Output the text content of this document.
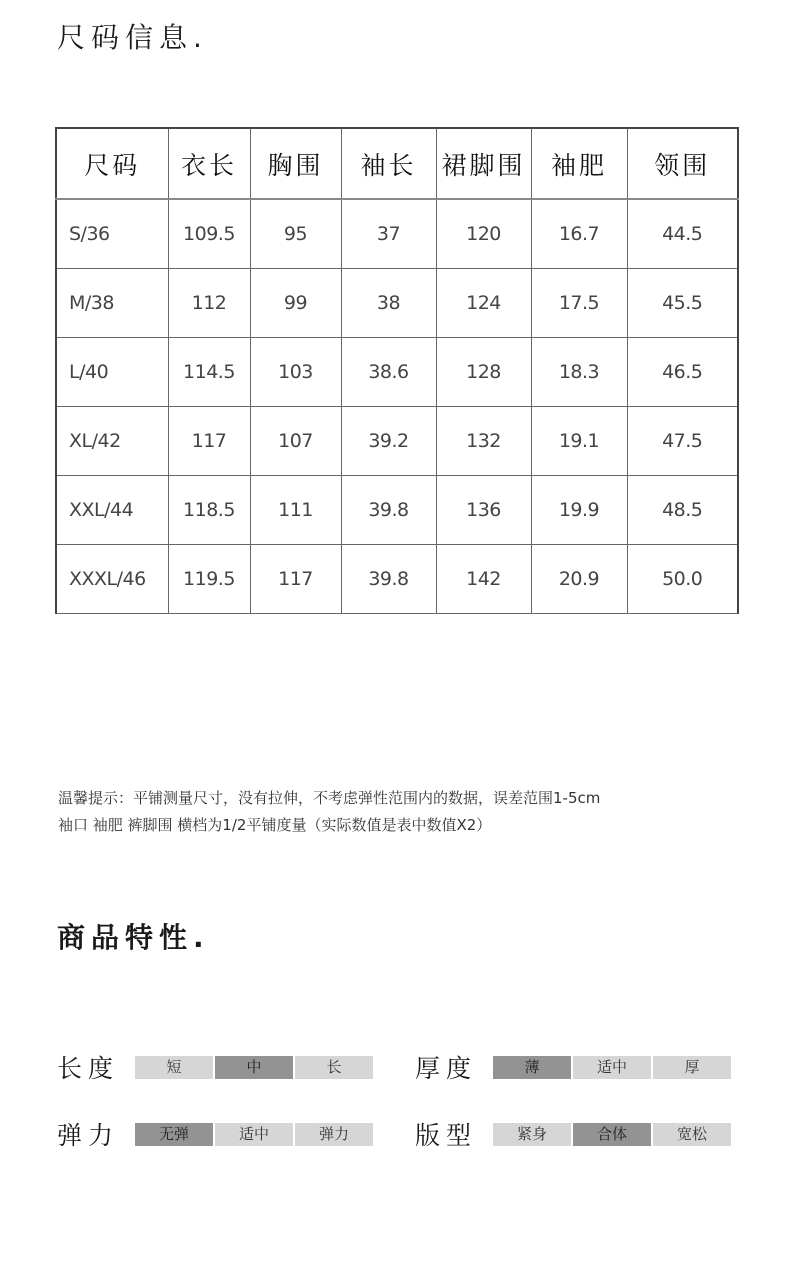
尺码信息.
尺码	衣长	胸围	袖长	裙脚围	袖肥	领围
S/36	109.5	95	37	120	16.7	44.5
M/38	112	99	38	124	17.5	45.5
L/40	114.5	103	38.6	128	18.3	46.5
XL/42	117	107	39.2	132	19.1	47.5
XXL/44	118.5	111	39.8	136	19.9	48.5
XXXL/46	119.5	117	39.8	142	20.9	50.0
温馨提示：平铺测量尺寸，没有拉伸，不考虑弹性范围内的数据，误差范围1-5cm
袖口 袖肥 裤脚围 横档为1/2平铺度量（实际数值是表中数值X2）
商品特性.
长度	短	中	长	厚度	薄	适中	厚
弹力	无弹	适中	弹力	版型	紧身	合体	宽松
